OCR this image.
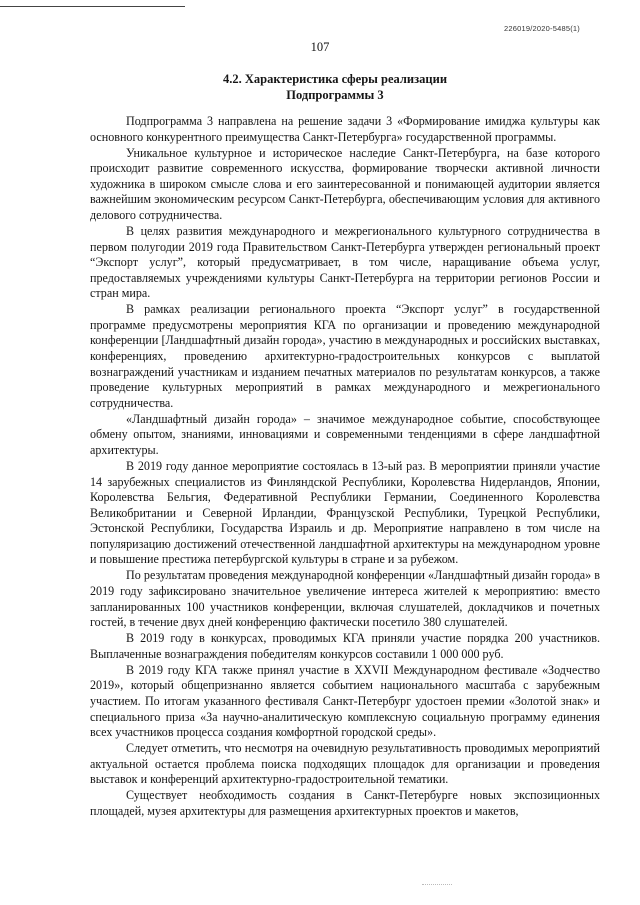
226019/2020-5485(1)
107
4.2. Характеристика сферы реализации
Подпрограммы 3

Подпрограмма 3 направлена на решение задачи 3 «Формирование имиджа культуры как основного конкурентного преимущества Санкт-Петербурга» государственной программы.

Уникальное культурное и историческое наследие Санкт-Петербурга, на базе которого происходит развитие современного искусства, формирование творчески активной личности художника в широком смысле слова и его заинтересованной и понимающей аудитории является важнейшим экономическим ресурсом Санкт-Петербурга, обеспечивающим условия для активного делового сотрудничества.

В целях развития международного и межрегионального культурного сотрудничества в первом полугодии 2019 года Правительством Санкт-Петербурга утвержден региональный проект “Экспорт услуг”, который предусматривает, в том числе, наращивание объема услуг, предоставляемых учреждениями культуры Санкт-Петербурга на территории регионов России и стран мира.

В рамках реализации регионального проекта “Экспорт услуг” в государственной программе предусмотрены мероприятия КГА по организации и проведению международной конференции [Ландшафтный дизайн города», участию в международных и российских выставках, конференциях, проведению архитектурно-градостроительных конкурсов с выплатой вознаграждений участникам и изданием печатных материалов по результатам конкурсов, а также проведение культурных мероприятий в рамках международного и межрегионального сотрудничества.

«Ландшафтный дизайн города» – значимое международное событие, способствующее обмену опытом, знаниями, инновациями и современными тенденциями в сфере ландшафтной архитектуры.

В 2019 году данное мероприятие состоялась в 13-ый раз. В мероприятии приняли участие 14 зарубежных специалистов из Финляндской Республики, Королевства Нидерландов, Японии, Королевства Бельгия, Федеративной Республики Германии, Соединенного Королевства Великобритании и Северной Ирландии, Французской Республики, Турецкой Республики, Эстонской Республики, Государства Израиль и др. Мероприятие направлено в том числе на популяризацию достижений отечественной ландшафтной архитектуры на международном уровне и повышение престижа петербургской культуры в стране и за рубежом.

По результатам проведения международной конференции «Ландшафтный дизайн города» в 2019 году зафиксировано значительное увеличение интереса жителей к мероприятию: вместо запланированных 100 участников конференции, включая слушателей, докладчиков и почетных гостей, в течение двух дней конференцию фактически посетило 380 слушателей.

В 2019 году в конкурсах, проводимых КГА приняли участие порядка 200 участников. Выплаченные вознаграждения победителям конкурсов составили 1 000 000 руб.

В 2019 году КГА также принял участие в XXVII Международном фестивале «Зодчество 2019», который общепризнанно является событием национального масштаба с зарубежным участием. По итогам указанного фестиваля Санкт-Петербург удостоен премии «Золотой знак» и специального приза «За научно-аналитическую комплексную социальную программу единения всех участников процесса создания комфортной городской среды».

Следует отметить, что несмотря на очевидную результативность проводимых мероприятий актуальной остается проблема поиска подходящих площадок для организации и проведения выставок и конференций архитектурно-градостроительной тематики.

Существует необходимость создания в Санкт-Петербурге новых экспозиционных площадей, музея архитектуры для размещения архитектурных проектов и макетов,
